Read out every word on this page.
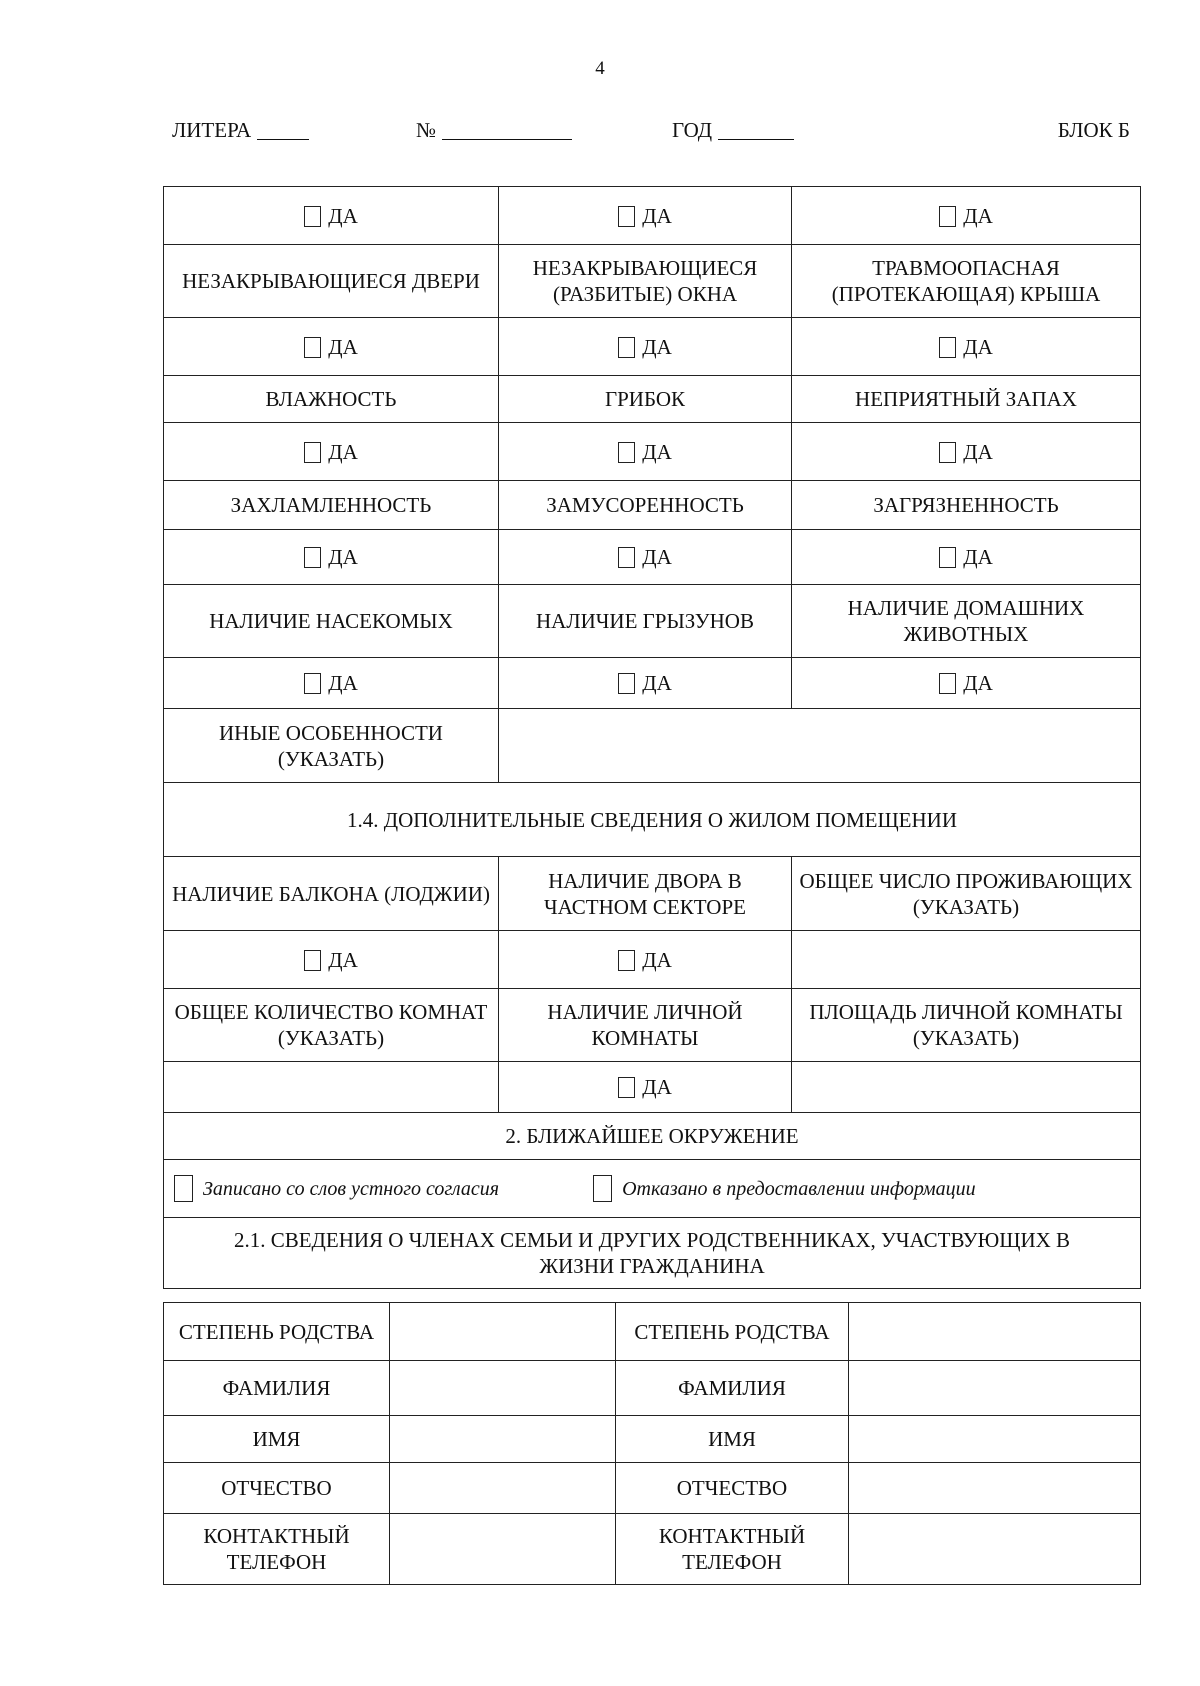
4
ЛИТЕРА	№	ГОД	БЛОК Б
ДА	ДА	ДА
НЕЗАКРЫВАЮЩИЕСЯ ДВЕРИ	НЕЗАКРЫВАЮЩИЕСЯ (РАЗБИТЫЕ) ОКНА	ТРАВМООПАСНАЯ (ПРОТЕКАЮЩАЯ) КРЫША
ДА	ДА	ДА
ВЛАЖНОСТЬ	ГРИБОК	НЕПРИЯТНЫЙ ЗАПАХ
ДА	ДА	ДА
ЗАХЛАМЛЕННОСТЬ	ЗАМУСОРЕННОСТЬ	ЗАГРЯЗНЕННОСТЬ
ДА	ДА	ДА
НАЛИЧИЕ НАСЕКОМЫХ	НАЛИЧИЕ ГРЫЗУНОВ	НАЛИЧИЕ ДОМАШНИХ ЖИВОТНЫХ
ДА	ДА	ДА
ИНЫЕ ОСОБЕННОСТИ (УКАЗАТЬ)		
1.4. ДОПОЛНИТЕЛЬНЫЕ СВЕДЕНИЯ О ЖИЛОМ ПОМЕЩЕНИИ		
НАЛИЧИЕ БАЛКОНА (ЛОДЖИИ)	НАЛИЧИЕ ДВОРА В ЧАСТНОМ СЕКТОРЕ	ОБЩЕЕ ЧИСЛО ПРОЖИВАЮЩИХ (УКАЗАТЬ)
ДА	ДА	
ОБЩЕЕ КОЛИЧЕСТВО КОМНАТ (УКАЗАТЬ)	НАЛИЧИЕ ЛИЧНОЙ КОМНАТЫ	ПЛОЩАДЬ ЛИЧНОЙ КОМНАТЫ (УКАЗАТЬ)
	ДА	
2. БЛИЖАЙШЕЕ ОКРУЖЕНИЕ		

Записано со слов устного согласия Отказано в предоставлении информации		

2.1. СВЕДЕНИЯ О ЧЛЕНАХ СЕМЬИ И ДРУГИХ РОДСТВЕННИКАХ, УЧАСТВУЮЩИХ В ЖИЗНИ ГРАЖДАНИНА		
СТЕПЕНЬ РОДСТВА		СТЕПЕНЬ РОДСТВА	
ФАМИЛИЯ		ФАМИЛИЯ	
ИМЯ		ИМЯ	
ОТЧЕСТВО		ОТЧЕСТВО	
КОНТАКТНЫЙ ТЕЛЕФОН		КОНТАКТНЫЙ ТЕЛЕФОН	
